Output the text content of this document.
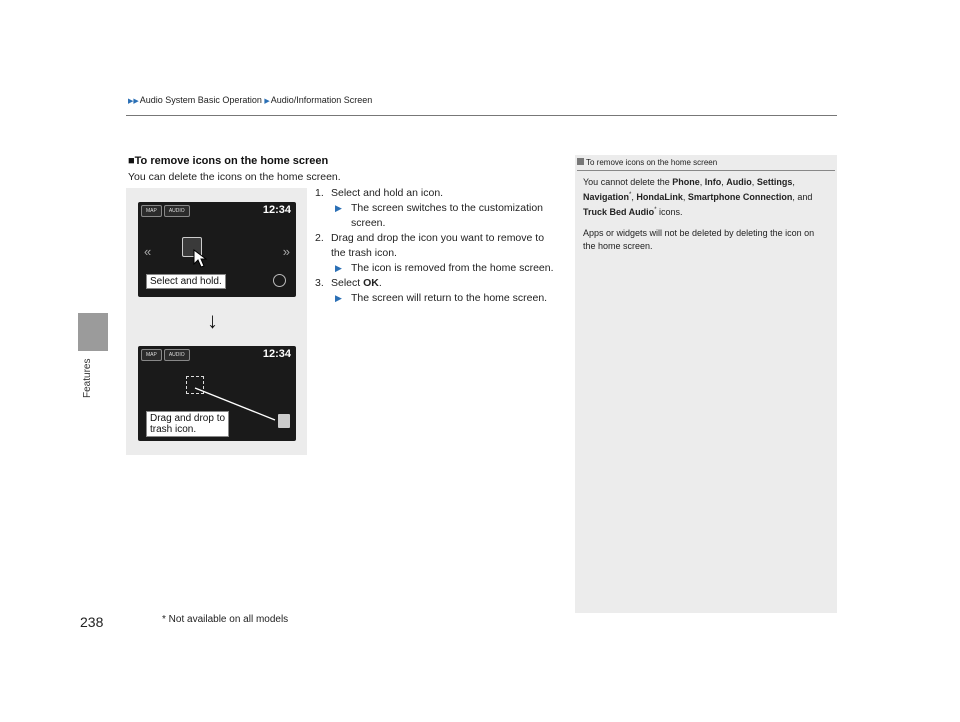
Features
▶▶Audio System Basic Operation ▶Audio/Information Screen
■To remove icons on the home screen
You can delete the icons on the home screen.
1. Select and hold an icon.
▶ The screen switches to the customization screen.
2. Drag and drop the icon you want to remove to the trash icon.
▶ The icon is removed from the home screen.
3. Select OK.
▶ The screen will return to the home screen.
MAP	AUDIO	12:34
«	»
Select and hold.
↓
MAP	AUDIO	12:34
Drag and drop to
trash icon.
To remove icons on the home screen

You cannot delete the Phone, Info, Audio, Settings, Navigation*, HondaLink, Smartphone Connection, and Truck Bed Audio* icons.

Apps or widgets will not be deleted by deleting the icon on the home screen.

238	* Not available on all models
